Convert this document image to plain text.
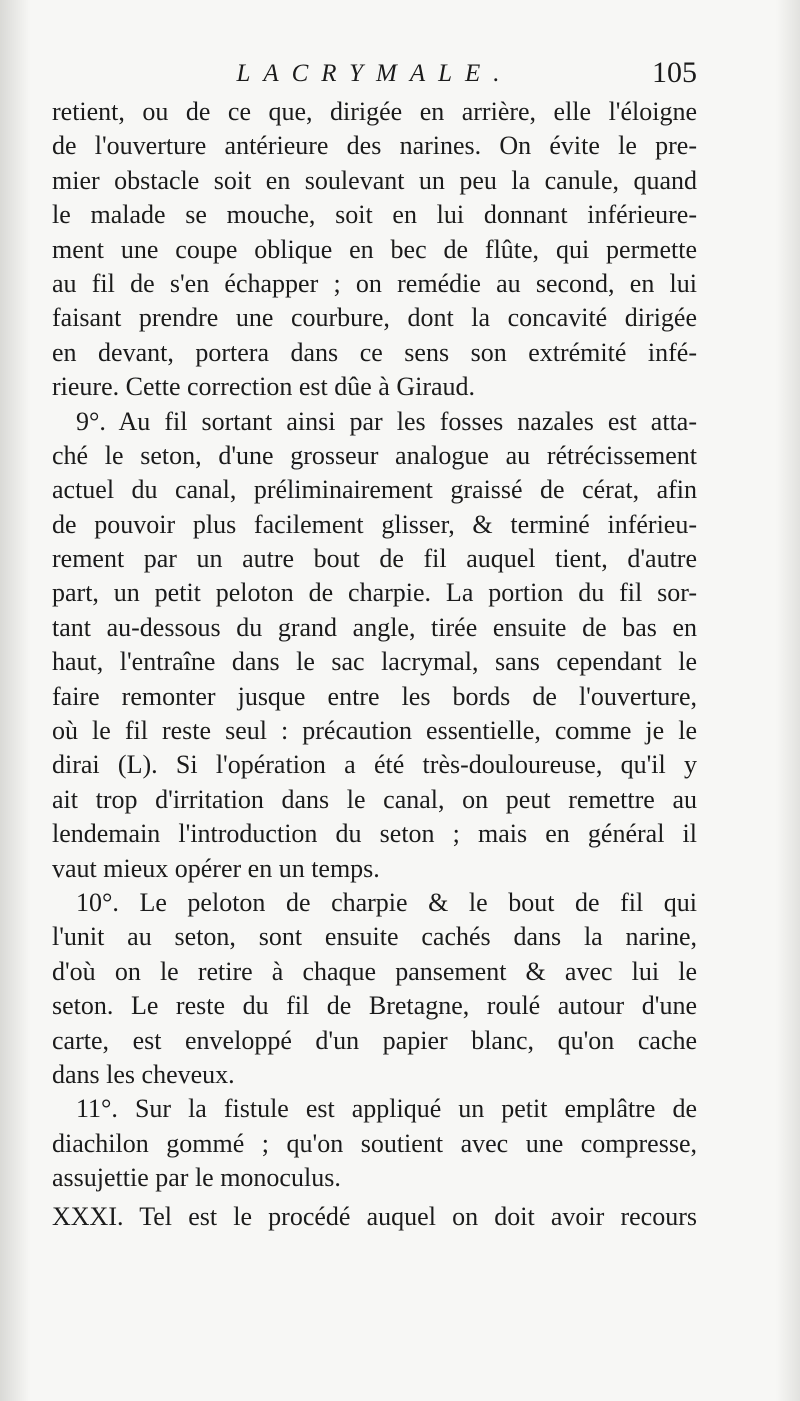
LACRYMALE.	105
retient, ou de ce que, dirigée en arrière, elle l'éloigne
de l'ouverture antérieure des narines. On évite le pre-
mier obstacle soit en soulevant un peu la canule, quand
le malade se mouche, soit en lui donnant inférieure-
ment une coupe oblique en bec de flûte, qui permette
au fil de s'en échapper ; on remédie au second, en lui
faisant prendre une courbure, dont la concavité dirigée
en devant, portera dans ce sens son extrémité infé-
rieure. Cette correction est dûe à Giraud.
9°. Au fil sortant ainsi par les fosses nazales est atta-
ché le seton, d'une grosseur analogue au rétrécissement
actuel du canal, préliminairement graissé de cérat, afin
de pouvoir plus facilement glisser, & terminé inférieu-
rement par un autre bout de fil auquel tient, d'autre
part, un petit peloton de charpie. La portion du fil sor-
tant au-dessous du grand angle, tirée ensuite de bas en
haut, l'entraîne dans le sac lacrymal, sans cependant le
faire remonter jusque entre les bords de l'ouverture,
où le fil reste seul : précaution essentielle, comme je le
dirai (L). Si l'opération a été très-douloureuse, qu'il y
ait trop d'irritation dans le canal, on peut remettre au
lendemain l'introduction du seton ; mais en général il
vaut mieux opérer en un temps.
10°. Le peloton de charpie & le bout de fil qui
l'unit au seton, sont ensuite cachés dans la narine,
d'où on le retire à chaque pansement & avec lui le
seton. Le reste du fil de Bretagne, roulé autour d'une
carte, est enveloppé d'un papier blanc, qu'on cache
dans les cheveux.
11°. Sur la fistule est appliqué un petit emplâtre de
diachilon gommé ; qu'on soutient avec une compresse,
assujettie par le monoculus.
XXXI. Tel est le procédé auquel on doit avoir recours
